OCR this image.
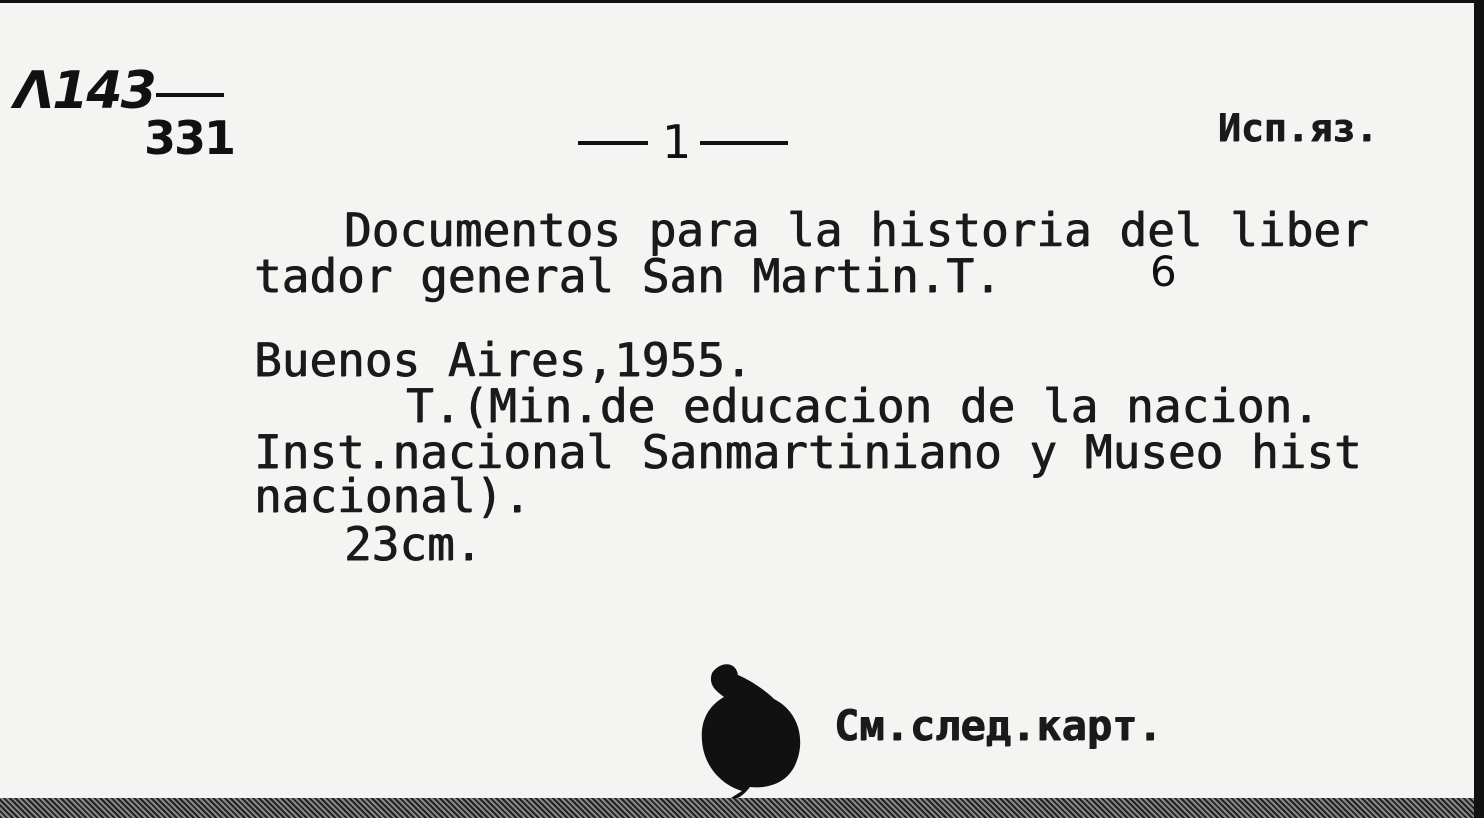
Λ143
331	1	Исп.яз.
Documentos para la historia del liber
tador general San Martin.T.	6
Buenos Aires,1955.
T.(Min.de educacion de la nacion.
Inst.nacional Sanmartiniano y Museo hist
nacional).
23cm.
См.след.карт.
